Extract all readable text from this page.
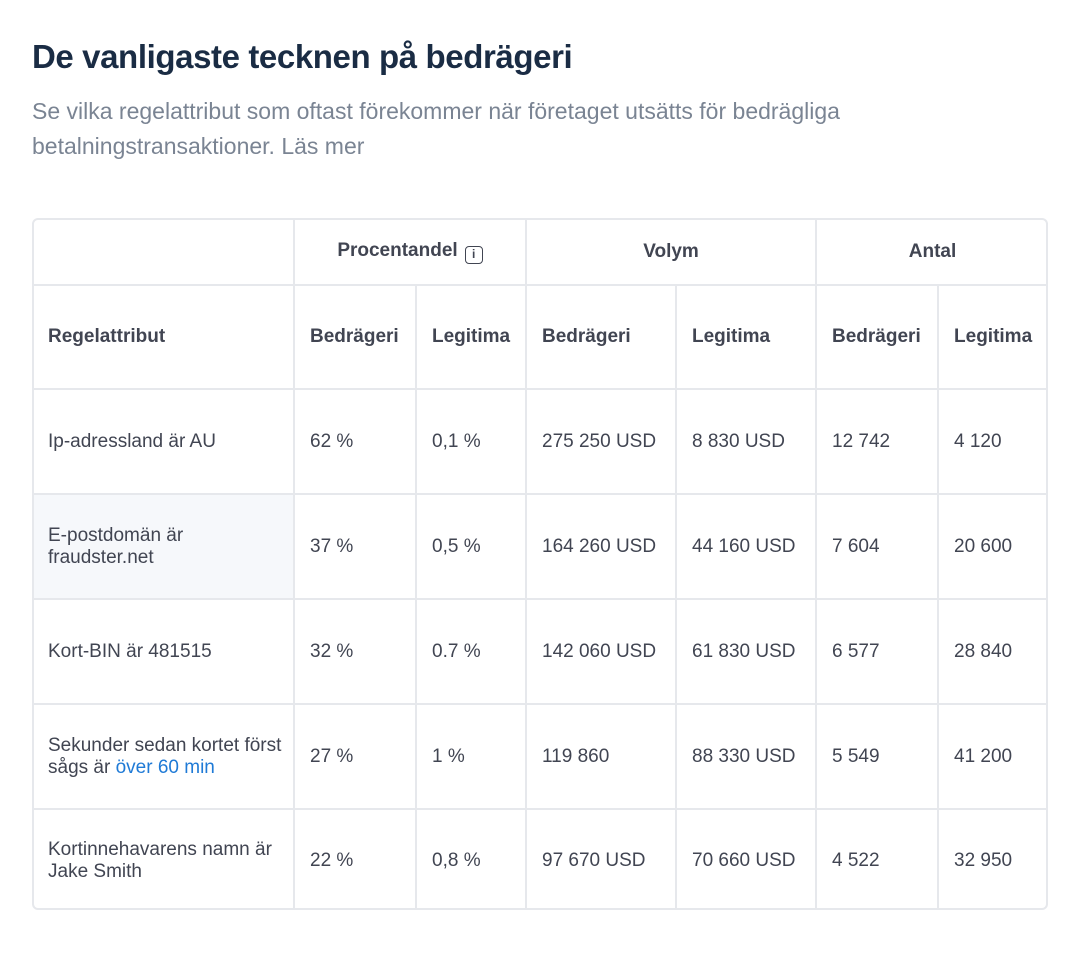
De vanligaste tecknen på bedrägeri

Se vilka regelattribut som oftast förekommer när företaget utsätts för bedrägliga betalningstransaktioner. Läs mer

	Procentandel i		Volym		Antal	
Regelattribut	Bedrägeri	Legitima	Bedrägeri	Legitima	Bedrägeri	Legitima
Ip-adressland är AU	62 %	0,1 %	275 250 USD	8 830 USD	12 742	4 120
E-postdomän är fraudster.net	37 %	0,5 %	164 260 USD	44 160 USD	7 604	20 600
Kort-BIN är 481515	32 %	0.7 %	142 060 USD	61 830 USD	6 577	28 840
Sekunder sedan kortet först sågs är över 60 min	27 %	1 %	119 860	88 330 USD	5 549	41 200
Kortinnehavarens namn är Jake Smith	22 %	0,8 %	97 670 USD	70 660 USD	4 522	32 950
